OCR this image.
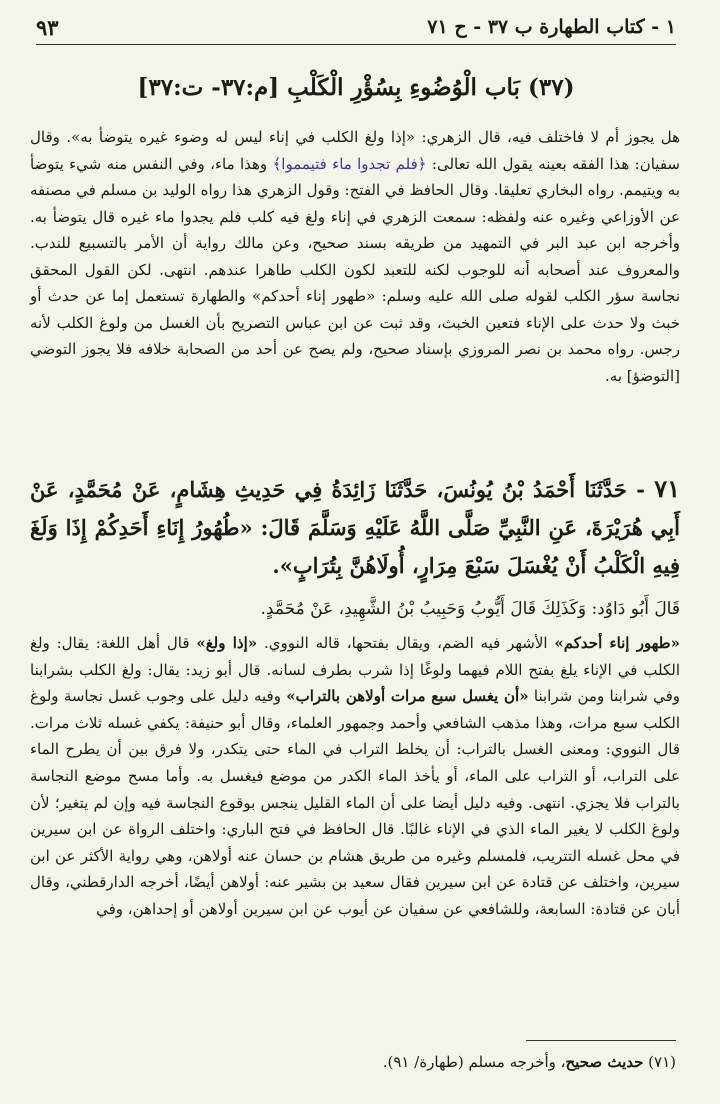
١ - كتاب الطهارة ب ٣٧ - ح ٧١
٩٣
(٣٧) بَاب الْوُضُوءِ بِسُؤْرِ الْكَلْبِ [م:٣٧- ت:٣٧]

هل يجوز أم لا فاختلف فيه، قال الزهري: «إذا ولغ الكلب في إناء ليس له وضوء غيره يتوضأ به». وقال سفيان: هذا الفقه بعينه يقول الله تعالى: ﴿فلم تجدوا ماء فتيمموا﴾ وهذا ماء، وفي النفس منه شيء يتوضأ به ويتيمم. رواه البخاري تعليقا. وقال الحافظ في الفتح: وقول الزهري هذا رواه الوليد بن مسلم في مصنفه عن الأوزاعي وغيره عنه ولفظه: سمعت الزهري في إناء ولغ فيه كلب فلم يجدوا ماء غيره قال يتوضأ به. وأخرجه ابن عبد البر في التمهيد من طريقه بسند صحيح، وعن مالك رواية أن الأمر بالتسبيع للندب. والمعروف عند أصحابه أنه للوجوب لكنه للتعبد لكون الكلب طاهرا عندهم. انتهى. لكن القول المحقق نجاسة سؤر الكلب لقوله صلى الله عليه وسلم: «طهور إناء أحدكم» والطهارة تستعمل إما عن حدث أو خبث ولا حدث على الإناء فتعين الخبث، وقد ثبت عن ابن عباس التصريح بأن الغسل من ولوغ الكلب لأنه رجس. رواه محمد بن نصر المروزي بإسناد صحيح، ولم يصح عن أحد من الصحابة خلافه فلا يجوز التوضي [التوضؤ] به.

٧١ - حَدَّثَنَا أَحْمَدُ بْنُ يُونُسَ، حَدَّثَنَا زَائِدَةُ فِي حَدِيثِ هِشَامٍ، عَنْ مُحَمَّدٍ، عَنْ أَبِي هُرَيْرَةَ، عَنِ النَّبِيِّ صَلَّى اللَّهُ عَلَيْهِ وَسَلَّمَ قَالَ: «طُهُورُ إِنَاءِ أَحَدِكُمْ إِذَا وَلَغَ فِيهِ الْكَلْبُ أَنْ يُغْسَلَ سَبْعَ مِرَارٍ، أُولَاهُنَّ بِتُرَابٍ».

قَالَ أَبُو دَاوُد: وَكَذَلِكَ قَالَ أَيُّوبُ وَحَبِيبُ بْنُ الشَّهِيدِ، عَنْ مُحَمَّدٍ.

«طهور إناء أحدكم» الأشهر فيه الضم، ويقال بفتحها، قاله النووي. «إذا ولغ» قال أهل اللغة: يقال: ولغ الكلب في الإناء يلغ بفتح اللام فيهما ولوغًا إذا شرب بطرف لسانه. قال أبو زيد: يقال: ولغ الكلب بشرابنا وفي شرابنا ومن شرابنا «أن يغسل سبع مرات أولاهن بالتراب» وفيه دليل على وجوب غسل نجاسة ولوغ الكلب سبع مرات، وهذا مذهب الشافعي وأحمد وجمهور العلماء، وقال أبو حنيفة: يكفي غسله ثلاث مرات. قال النووي: ومعنى الغسل بالتراب: أن يخلط التراب في الماء حتى يتكدر، ولا فرق بين أن يطرح الماء على التراب، أو التراب على الماء، أو يأخذ الماء الكدر من موضع فيغسل به. وأما مسح موضع النجاسة بالتراب فلا يجزي. انتهى. وفيه دليل أيضا على أن الماء القليل ينجس بوقوع النجاسة فيه وإن لم يتغير؛ لأن ولوغ الكلب لا يغير الماء الذي في الإناء غالبًا. قال الحافظ في فتح الباري: واختلف الرواة عن ابن سيرين في محل غسله التتريب، فلمسلم وغيره من طريق هشام بن حسان عنه أولاهن، وهي رواية الأكثر عن ابن سيرين، واختلف عن قتادة عن ابن سيرين فقال سعيد بن بشير عنه: أولاهن أيضًا، أخرجه الدارقطني، وقال أبان عن قتادة: السابعة، وللشافعي عن سفيان عن أيوب عن ابن سيرين أولاهن أو إحداهن، وفي

(٧١) حديث صحيح، وأخرجه مسلم (طهارة/ ٩١).
